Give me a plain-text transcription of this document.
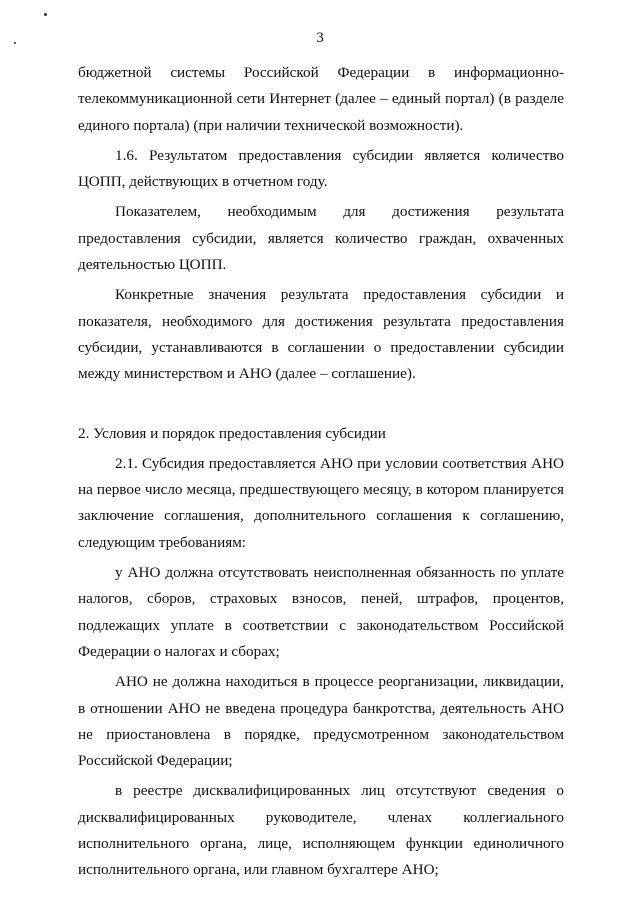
3

бюджетной системы Российской Федерации в информационно-телекоммуникационной сети Интернет (далее – единый портал) (в разделе единого портала) (при наличии технической возможности).

1.6. Результатом предоставления субсидии является количество ЦОПП, действующих в отчетном году.

Показателем, необходимым для достижения результата предоставления субсидии, является количество граждан, охваченных деятельностью ЦОПП.

Конкретные значения результата предоставления субсидии и показателя, необходимого для достижения результата предоставления субсидии, устанавливаются в соглашении о предоставлении субсидии между министерством и АНО (далее – соглашение).

2. Условия и порядок предоставления субсидии

2.1. Субсидия предоставляется АНО при условии соответствия АНО на первое число месяца, предшествующего месяцу, в котором планируется заключение соглашения, дополнительного соглашения к соглашению, следующим требованиям:

у АНО должна отсутствовать неисполненная обязанность по уплате налогов, сборов, страховых взносов, пеней, штрафов, процентов, подлежащих уплате в соответствии с законодательством Российской Федерации о налогах и сборах;

АНО не должна находиться в процессе реорганизации, ликвидации, в отношении АНО не введена процедура банкротства, деятельность АНО не приостановлена в порядке, предусмотренном законодательством Российской Федерации;

в реестре дисквалифицированных лиц отсутствуют сведения о дисквалифицированных руководителе, членах коллегиального исполнительного органа, лице, исполняющем функции единоличного исполнительного органа, или главном бухгалтере АНО;
